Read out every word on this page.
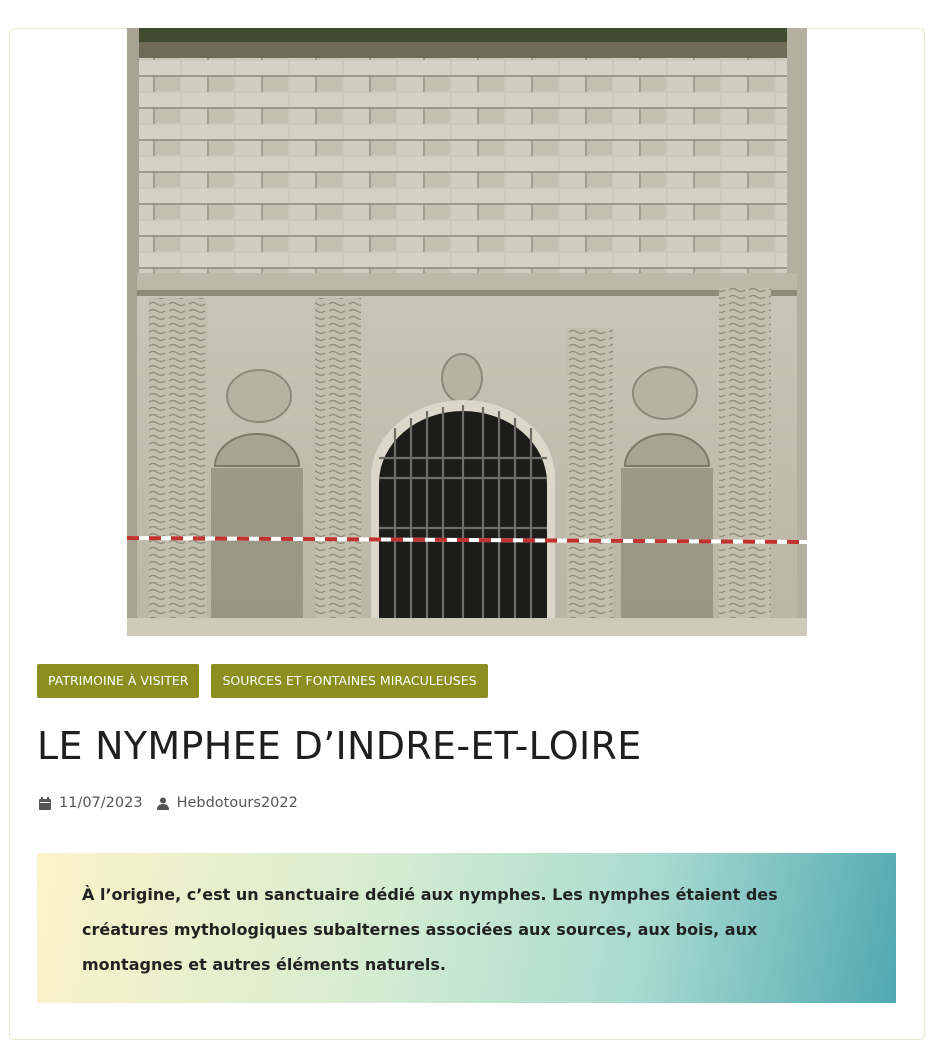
PATRIMOINE À VISITER	SOURCES ET FONTAINES MIRACULEUSES
LE NYMPHEE D’INDRE-ET-LOIRE
11/07/2023 Hebdotours2022
À l’origine, c’est un sanctuaire dédié aux nymphes. Les nymphes étaient des créatures mythologiques subalternes associées aux sources, aux bois, aux montagnes et autres éléments naturels.
